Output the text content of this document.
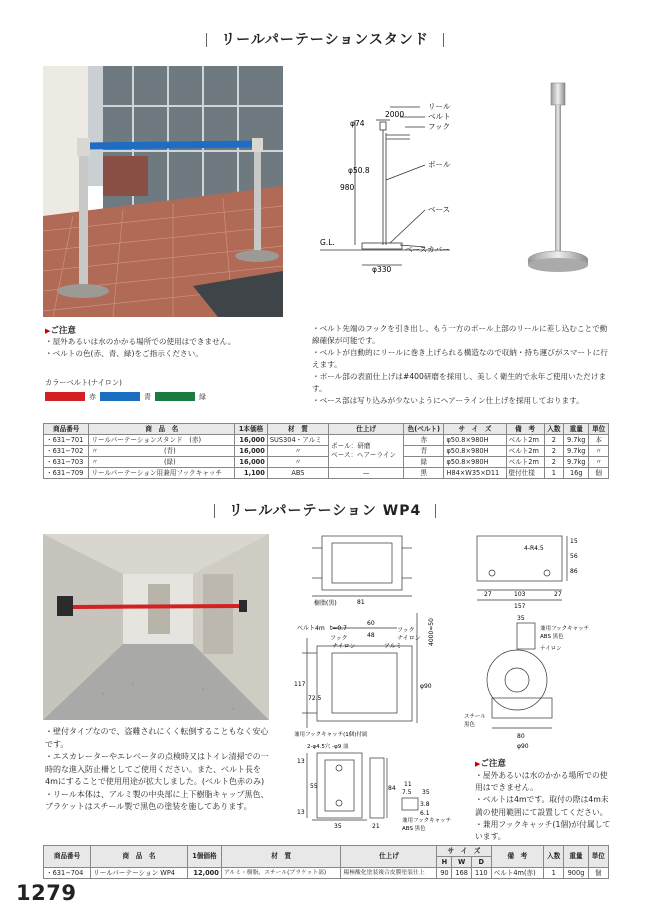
リールパーテーションスタンド
リール
ベルト
フック
ポール
ベース
ベースカバー
G.L.
φ74
2000
φ50.8
980
φ330
▶ご注意
・屋外あるいは水のかかる場所での使用はできません。
・ベルトの色(赤、青、緑)をご指示ください。
カラーベルト(ナイロン)
赤	青	緑
・ベルト先端のフックを引き出し、もう一方のポール上部のリールに差し込むことで動線確保が可能です。
・ベルトが自動的にリールに巻き上げられる構造なので収納・持ち運びがスマートに行えます。
・ポール部の表面仕上げは#400研磨を採用し、美しく衛生的で永年ご使用いただけます。
・ベース部は写り込みが少ないようにヘアーライン仕上げを採用しております。
商品番号	商　品　名	1本価格	材　質	仕上げ	色(ベルト)	サ　イ　ズ	備　考	入数	重量	単位
・631−701	リールパーテーションスタンド　(赤)	16,000	SUS304・アルミ	ポール：研磨
ベース：ヘアーライン	赤	φ50.8×980H	ベルト2m	2	9.7kg	本
・631−702	〃　　　　　　　　　　(青)	16,000	〃		青	φ50.8×980H	ベルト2m	2	9.7kg	〃
・631−703	〃　　　　　　　　　　(緑)	16,000	〃		緑	φ50.8×980H	ベルト2m	2	9.7kg	〃
・631−709	リールパーテーション用兼用フックキャッチ	1,100	ABS	—	黒	H84×W35×D11	壁付仕様	1	16g	個
リールパーテーション WP4
樹脂(黒)	81
ベルト4m t=0.7
60
48
フック
フック
ナイロン
ナイロン	アルミ
4000=50
117
72.5
φ90
103
157
27	27
4-R4.5
15
56
86
35
兼用フックキャッチ
ABS 黒色
ナイロン
スチール
黒色
80
φ90
兼用フックキャッチ(1個)付属
2-φ4.5穴 -φ9 皿
13
55	84
13
35	21
7.5 35
11
3.8
6.1
兼用フックキャッチ
ABS 黒色
・壁付タイプなので、盗難されにくく転倒することもなく安心です。
・エスカレーターやエレベータの点検時又はトイレ清掃での一時的な進入防止柵としてご使用ください。また、ベルト長を4mにすることで使用用途が拡大しました。(ベルト色赤のみ)
・リール本体は、アルミ製の中央部に上下樹脂キャップ黒色、ブラケットはスチール製で黒色の塗装を施してあります。
▶ご注意
・屋外あるいは水のかかる場所での使用はできません。
・ベルトは4mです。取付の際は4m未満の使用範囲にて設置してください。
・兼用フックキャッチ(1個)が付属しています。
商品番号	商　品　名	1個価格	材　質	仕上げ	サ　イ　ズ			備　考	入数	重量	単位
					H	W	D				
・631−704	リールパーテーション WP4	12,000	アルミ・樹脂、スチール(ブラケット部)	陽極酸化塗装複合皮膜塗装仕上	90	168	110	ベルト4m(赤)	1	900g	個
1279
